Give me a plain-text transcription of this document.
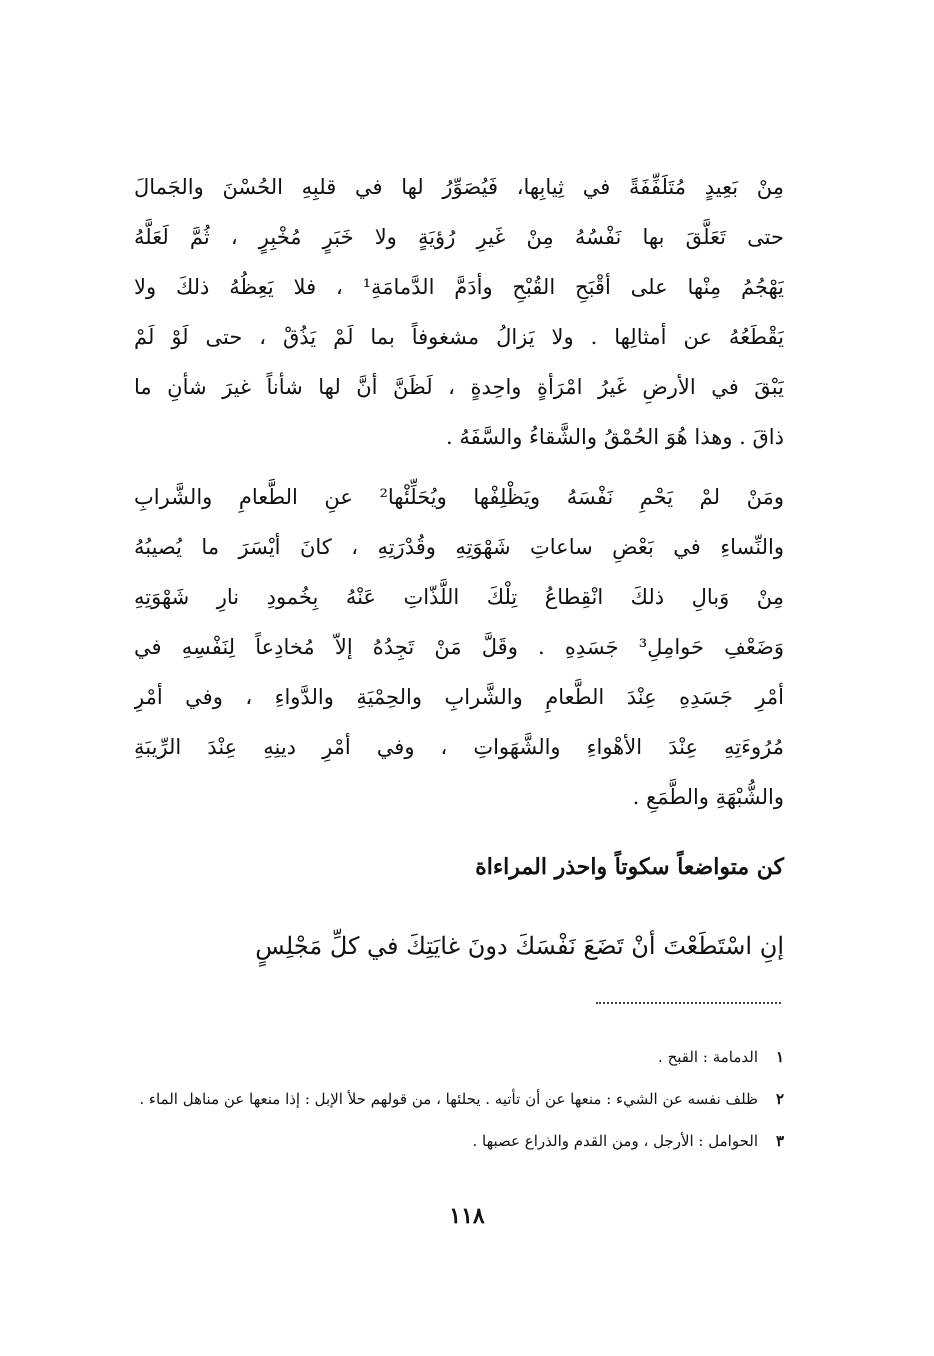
مِنْ بَعِيدٍ مُتَلَفِّفَةً في ثِيابِها، فَيُصَوِّرُ لها في قلبِهِ الحُسْنَ والجَمالَ
حتى تَعَلَّقَ بها نَفْسُهُ مِنْ غَيرِ رُؤيَةٍ ولا خَبَرٍ مُخْبِرٍ ، ثُمَّ لَعَلَّهُ
يَهْجُمُ مِنْها على أقْبَحِ القُبْحِ وأدَمَّ الدَّمامَةِ¹ ، فلا يَعِظُهُ ذلكَ ولا
يَقْطَعُهُ عن أمثالِها . ولا يَزالُ مشغوفاً بما لَمْ يَذُقْ ، حتى لَوْ لَمْ
يَبْقَ في الأرضِ غَيرُ امْرَأةٍ واحِدةٍ ، لَظَنَّ أنَّ لها شأناً غيرَ شأنِ ما
ذاقَ . وهذا هُوَ الحُمْقُ والشَّقاءُ والسَّفَهُ .
ومَنْ لمْ يَحْمِ نَفْسَهُ ويَظْلِفْها ويُحَلِّئْها² عنِ الطَّعامِ والشَّرابِ
والنِّساءِ في بَعْضِ ساعاتِ شَهْوَتِهِ وقُدْرَتِهِ ، كانَ أيْسَرَ ما يُصيبُهُ
مِنْ وَبالِ ذلكَ انْقِطاعُ تِلْكَ اللَّذّاتِ عَنْهُ بِخُمودِ نارِ شَهْوَتِهِ
وَضَعْفِ حَوامِلِ³ جَسَدِهِ . وقَلَّ مَنْ تَجِدُهُ إلاّ مُخادِعاً لِنَفْسِهِ في
أمْرِ جَسَدِهِ عِنْدَ الطَّعامِ والشَّرابِ والحِمْيَةِ والدَّواءِ ، وفي أمْرِ
مُرُوءَتِهِ عِنْدَ الأهْواءِ والشَّهَواتِ ، وفي أمْرِ دينِهِ عِنْدَ الرِّيبَةِ
والشُّبْهَةِ والطَّمَعِ .
كن متواضعاً سكوتاً واحذر المراءاة
إنِ اسْتَطَعْتَ أنْ تَضَعَ نَفْسَكَ دونَ غايَتِكَ في كلِّ مَجْلِسٍ
١
الدمامة : القبح .
٢
ظلف نفسه عن الشيء : منعها عن أن تأتيه . يحلئها ، من قولهم حلأ الإبل : إذا منعها عن مناهل الماء .
٣
الحوامل : الأرجل ، ومن القدم والذراع عصبها .
١١٨
